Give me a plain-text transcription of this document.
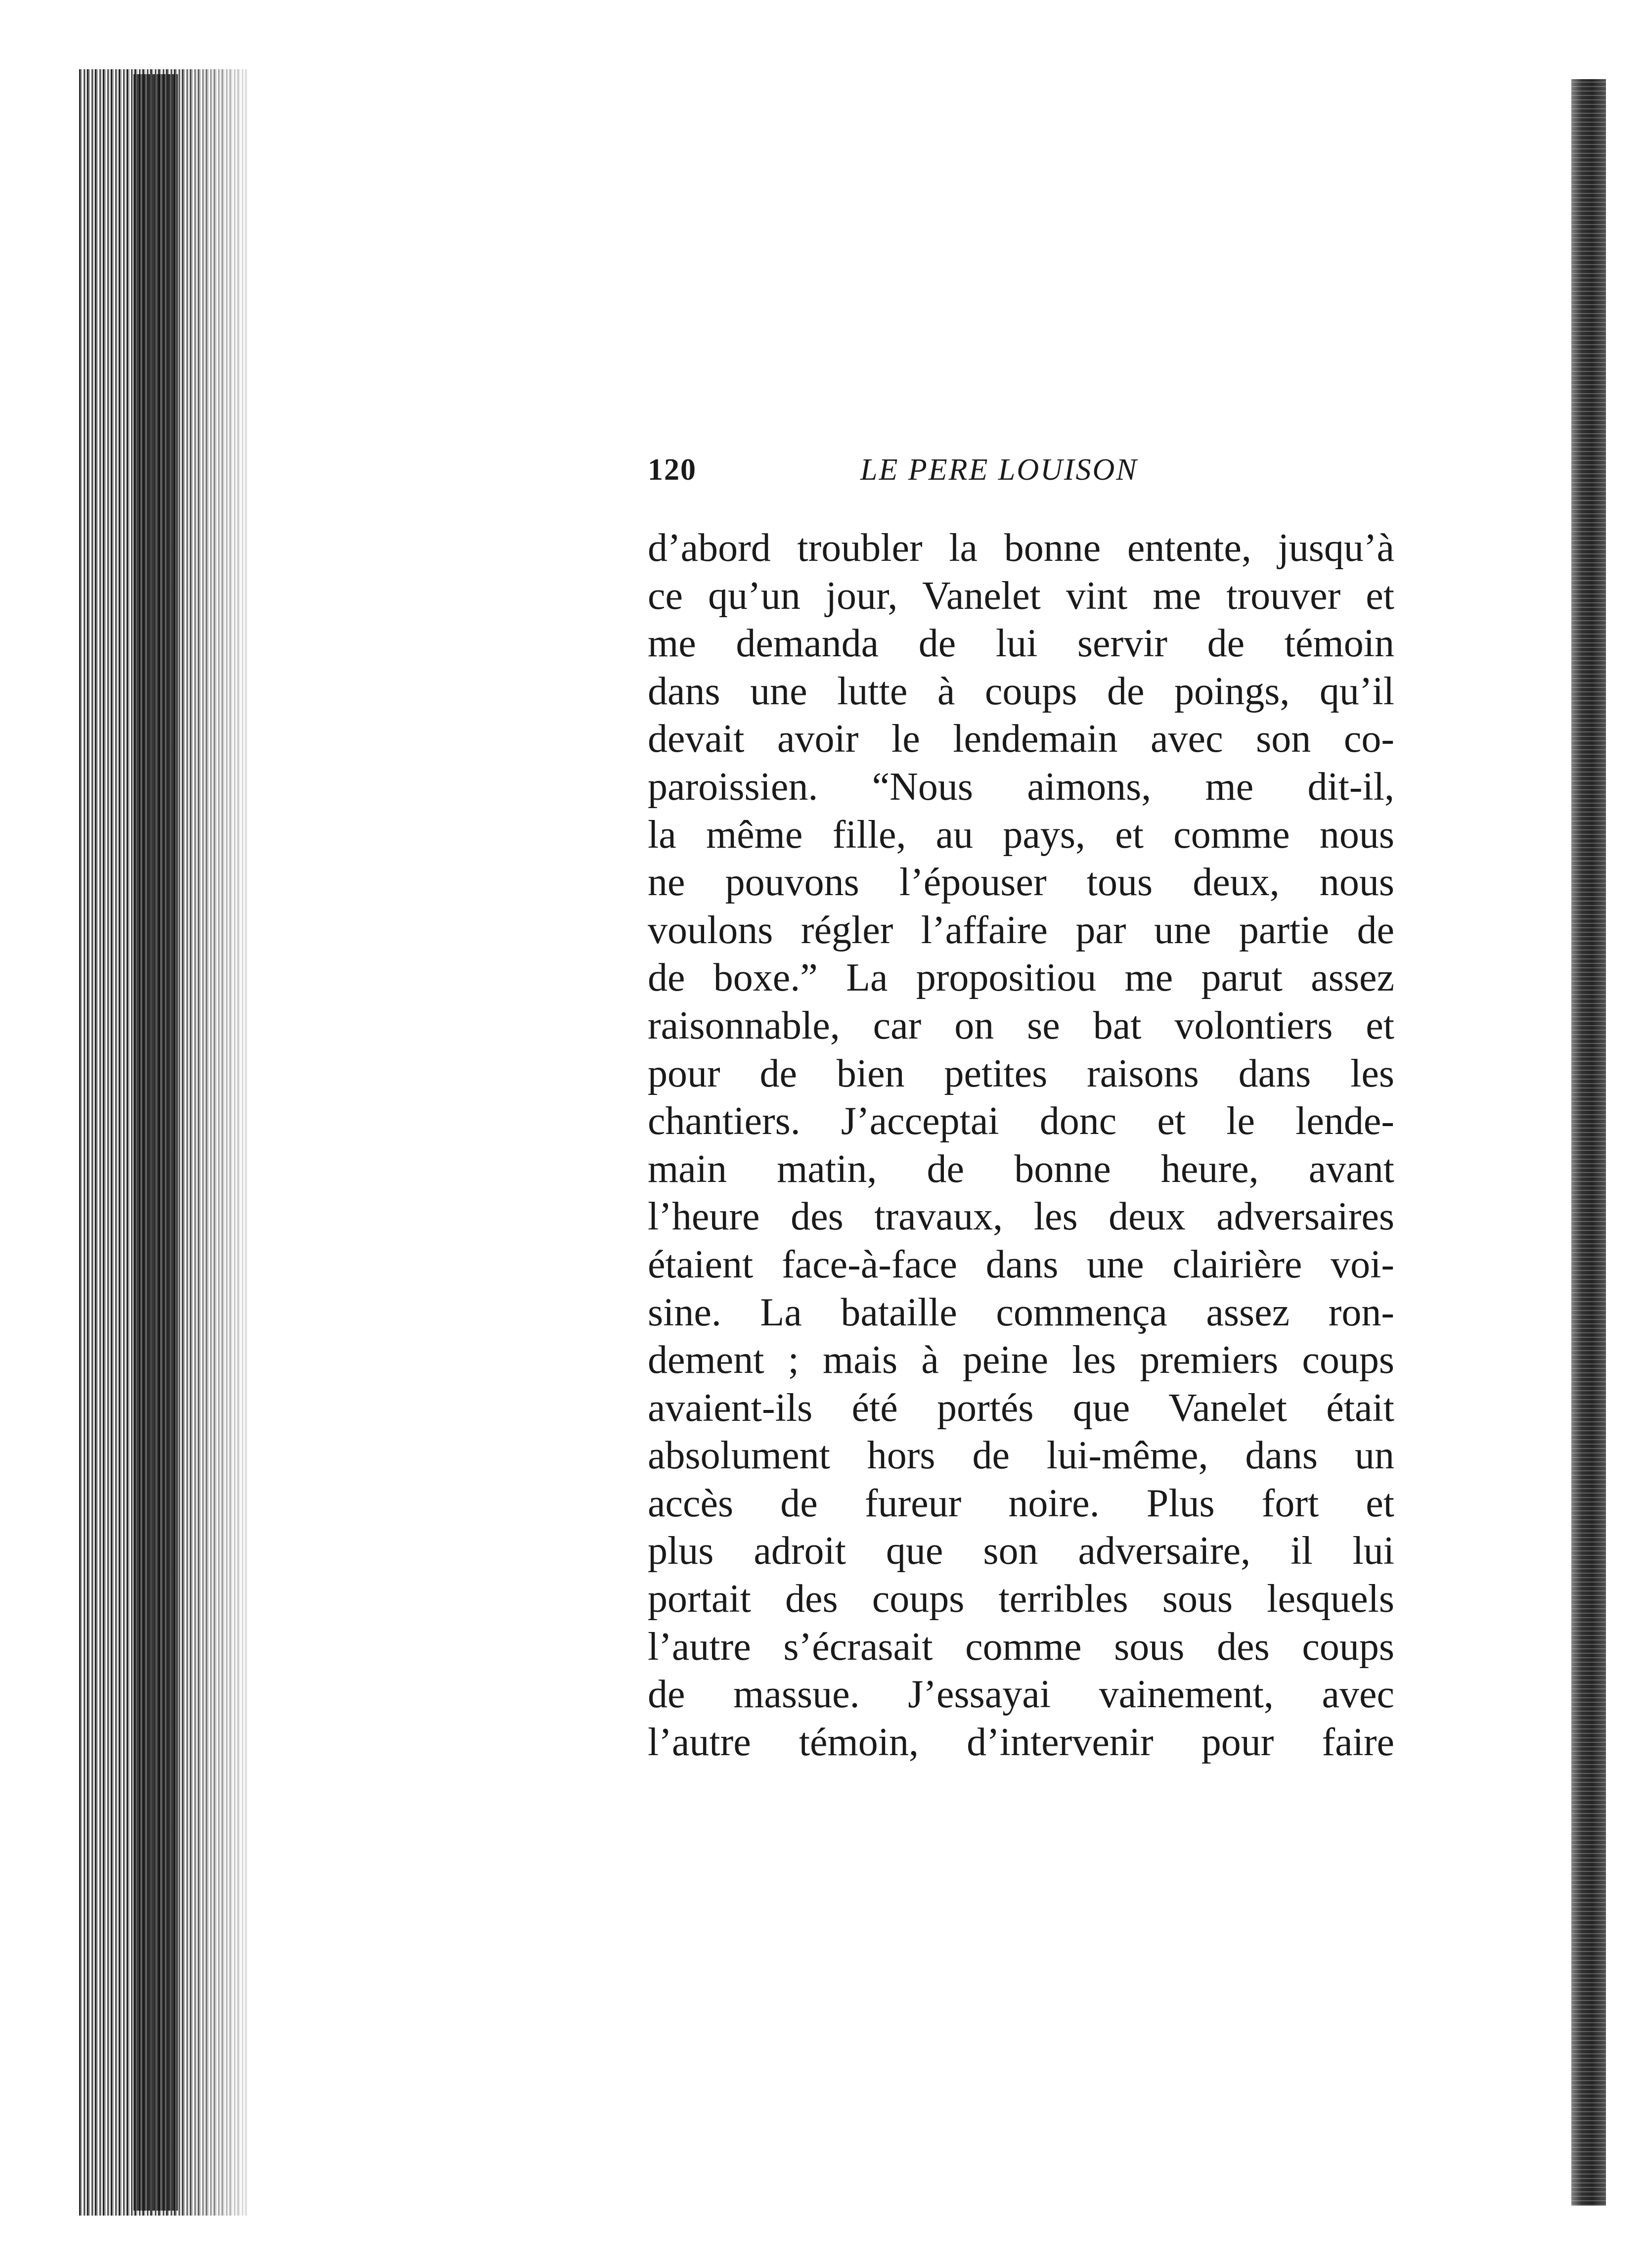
120	LE PERE LOUISON
d’abord troubler la bonne entente, jusqu’à
ce qu’un jour, Vanelet vint me trouver et
me demanda de lui servir de témoin
dans une lutte à coups de poings, qu’il
devait avoir le lendemain avec son co-
paroissien. “Nous aimons, me dit-il,
la même fille, au pays, et comme nous
ne pouvons l’épouser tous deux, nous
voulons régler l’affaire par une partie de
de boxe.” La propositiou me parut assez
raisonnable, car on se bat volontiers et
pour de bien petites raisons dans les
chantiers. J’acceptai donc et le lende-
main matin, de bonne heure, avant
l’heure des travaux, les deux adversaires
étaient face-à-face dans une clairière voi-
sine. La bataille commença assez ron-
dement ; mais à peine les premiers coups
avaient-ils été portés que Vanelet était
absolument hors de lui-même, dans un
accès de fureur noire. Plus fort et
plus adroit que son adversaire, il lui
portait des coups terribles sous lesquels
l’autre s’écrasait comme sous des coups
de massue. J’essayai vainement, avec
l’autre témoin, d’intervenir pour faire
